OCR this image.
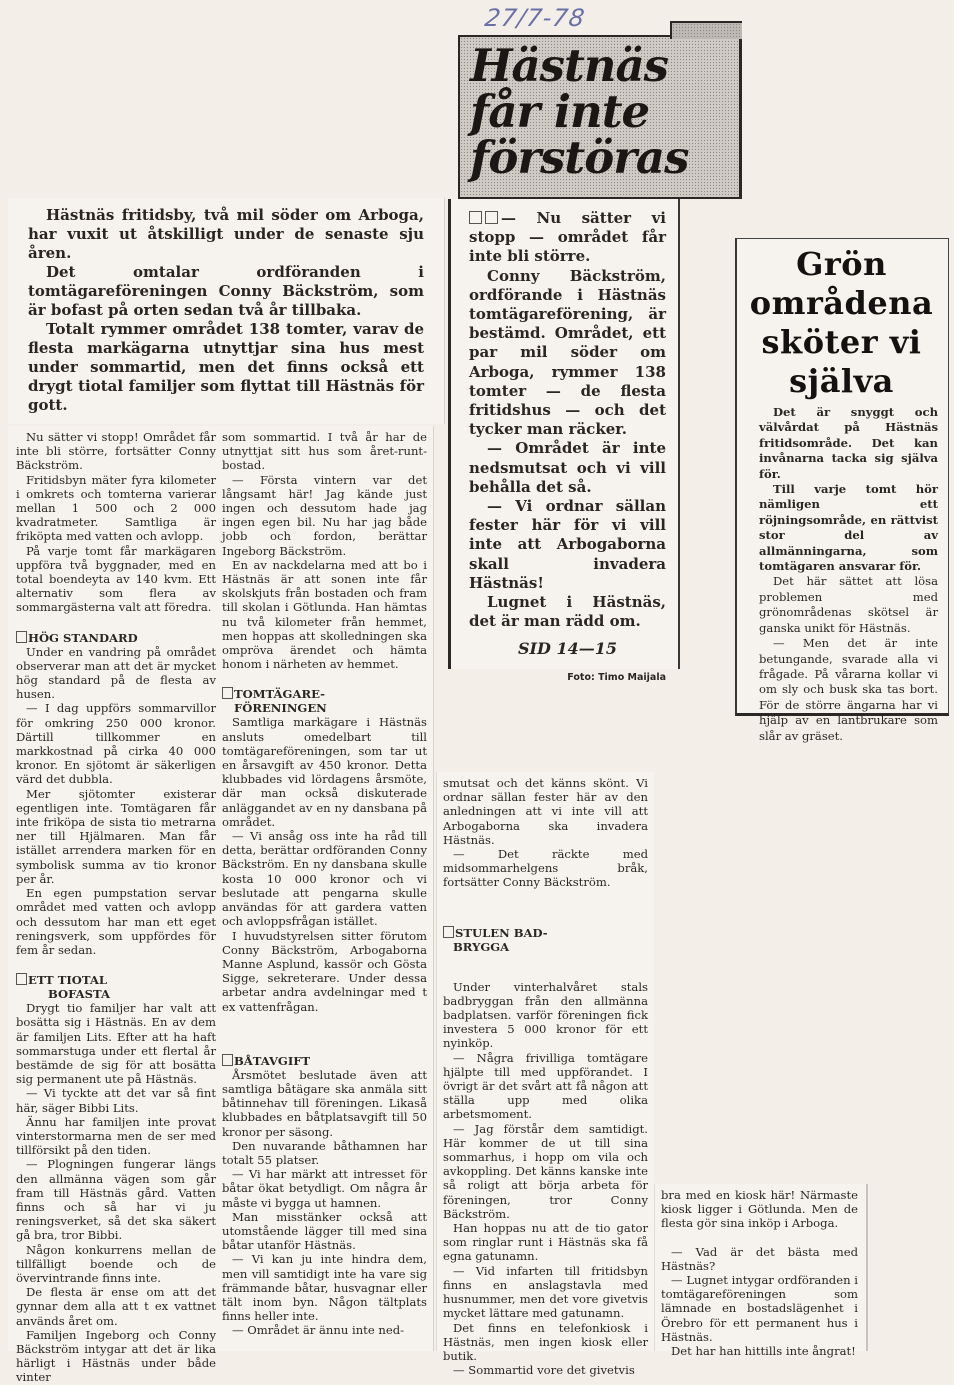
27/7-78
Hästnäs
får inte
förstöras

Hästnäs fritidsby, två mil söder om Arboga, har vuxit ut åtskilligt under de senaste sju åren.

Det omtalar ordföranden i tomtägareföreningen Conny Bäckström, som är bofast på orten sedan två år tillbaka.

Totalt rymmer området 138 tomter, varav de flesta markägarna utnyttjar sina hus mest under sommartid, men det finns också ett drygt tiotal familjer som flyttat till Hästnäs för gott.

— Nu sätter vi stopp — området får inte bli större.

Conny Bäckström, ordförande i Hästnäs tomtägareförening, är bestämd. Området, ett par mil söder om Arboga, rymmer 138 tomter — de flesta fritidshus — och det tycker man räcker.

— Området är inte nedsmutsat och vi vill behålla det så.

— Vi ordnar sällan fester här för vi vill inte att Arbogaborna skall invadera Hästnäs!

Lugnet i Hästnäs, det är man rädd om.

SID 14—15
Foto: Timo Maijala
Grön
områdena
sköter vi
själva

Det är snyggt och välvårdat på Hästnäs fritidsområde. Det kan invånarna tacka sig själva för.

Till varje tomt hör nämligen ett röjningsområde, en rättvist stor del av allmänningarna, som tomtägaren ansvarar för.

Det här sättet att lösa problemen med grönområdenas skötsel är ganska unikt för Hästnäs.

— Men det är inte betungande, svarade alla vi frågade. På vårarna kollar vi om sly och busk ska tas bort. För de större ängarna har vi hjälp av en lantbrukare som slår av gräset.

Nu sätter vi stopp! Området får inte bli större, fortsätter Conny Bäckström.

Fritidsbyn mäter fyra kilometer i omkrets och tomterna varierar mellan 1 500 och 2 000 kvadratmeter. Samtliga är friköpta med vatten och avlopp.

På varje tomt får markägaren uppföra två byggnader, med en total boendeyta av 140 kvm. Ett alternativ som flera av sommargästerna valt att föredra.

HÖG STANDARD

Under en vandring på området observerar man att det är mycket hög standard på de flesta av husen.

— I dag uppförs sommarvillor för omkring 250 000 kronor. Därtill tillkommer en markkostnad på cirka 40 000 kronor. En sjötomt är säkerligen värd det dubbla.

Mer sjötomter existerar egentligen inte. Tomtägaren får inte friköpa de sista tio metrarna ner till Hjälmaren. Man får istället arrendera marken för en symbolisk summa av tio kronor per år.

En egen pumpstation servar området med vatten och avlopp och dessutom har man ett eget reningsverk, som uppfördes för fem år sedan.

ETT TIOTAL
BOFASTA

Drygt tio familjer har valt att bosätta sig i Hästnäs. En av dem är familjen Lits. Efter att ha haft sommarstuga under ett flertal år bestämde de sig för att bosätta sig permanent ute på Hästnäs.

— Vi tyckte att det var så fint här, säger Bibbi Lits.

Ännu har familjen inte provat vinterstormarna men de ser med tillförsikt på den tiden.

— Plogningen fungerar längs den allmänna vägen som går fram till Hästnäs gård. Vatten finns och så har vi ju reningsverket, så det ska säkert gå bra, tror Bibbi.

Någon konkurrens mellan de tillfälligt boende och de övervintrande finns inte.

De flesta är ense om att det gynnar dem alla att t ex vattnet används året om.

Familjen Ingeborg och Conny Bäckström intygar att det är lika härligt i Hästnäs under både vinter

som sommartid. I två år har de utnyttjat sitt hus som året-runt-bostad.

— Första vintern var det långsamt här! Jag kände just ingen och dessutom hade jag ingen egen bil. Nu har jag både jobb och fordon, berättar Ingeborg Bäckström.

En av nackdelarna med att bo i Hästnäs är att sonen inte får skolskjuts från bostaden och fram till skolan i Götlunda. Han hämtas nu två kilometer från hemmet, men hoppas att skolledningen ska ompröva ärendet och hämta honom i närheten av hemmet.

TOMTÄGARE-
FÖRENINGEN

Samtliga markägare i Hästnäs ansluts omedelbart till tomtägareföreningen, som tar ut en årsavgift av 450 kronor. Detta klubbades vid lördagens årsmöte, där man också diskuterade anläggandet av en ny dansbana på området.

— Vi ansåg oss inte ha råd till detta, berättar ordföranden Conny Bäckström. En ny dansbana skulle kosta 10 000 kronor och vi beslutade att pengarna skulle användas för att gardera vatten och avloppsfrågan istället.

I huvudstyrelsen sitter förutom Conny Bäckström, Arbogaborna Manne Asplund, kassör och Gösta Sigge, sekreterare. Under dessa arbetar andra avdelningar med t ex vattenfrågan.

BÅTAVGIFT

Årsmötet beslutade även att samtliga båtägare ska anmäla sitt båtinnehav till föreningen. Likaså klubbades en båtplatsavgift till 50 kronor per säsong.

Den nuvarande båthamnen har totalt 55 platser.

— Vi har märkt att intresset för båtar ökat betydligt. Om några år måste vi bygga ut hamnen.

Man misstänker också att utomstående lägger till med sina båtar utanför Hästnäs.

— Vi kan ju inte hindra dem, men vill samtidigt inte ha vare sig främmande båtar, husvagnar eller tält inom byn. Någon tältplats finns heller inte.

— Området är ännu inte ned-

smutsat och det känns skönt. Vi ordnar sällan fester här av den anledningen att vi inte vill att Arbogaborna ska invadera Hästnäs.

— Det räckte med midsommarhelgens bråk, fortsätter Conny Bäckström.

STULEN BAD-
BRYGGA

Under vinterhalvåret stals badbryggan från den allmänna badplatsen. varför föreningen fick investera 5 000 kronor för ett nyinköp.

— Några frivilliga tomtägare hjälpte till med uppförandet. I övrigt är det svårt att få någon att ställa upp med olika arbetsmoment.

— Jag förstår dem samtidigt. Här kommer de ut till sina sommarhus, i hopp om vila och avkoppling. Det känns kanske inte så roligt att börja arbeta för föreningen, tror Conny Bäckström.

Han hoppas nu att de tio gator som ringlar runt i Hästnäs ska få egna gatunamn.

— Vid infarten till fritidsbyn finns en anslagstavla med husnummer, men det vore givetvis mycket lättare med gatunamn.

Det finns en telefonkiosk i Hästnäs, men ingen kiosk eller butik.

— Sommartid vore det givetvis

bra med en kiosk här! Närmaste kiosk ligger i Götlunda. Men de flesta gör sina inköp i Arboga.

— Vad är det bästa med Hästnäs?

— Lugnet intygar ordföranden i tomtägareföreningen som lämnade en bostadslägenhet i Örebro för ett permanent hus i Hästnäs.

Det har han hittills inte ångrat!
